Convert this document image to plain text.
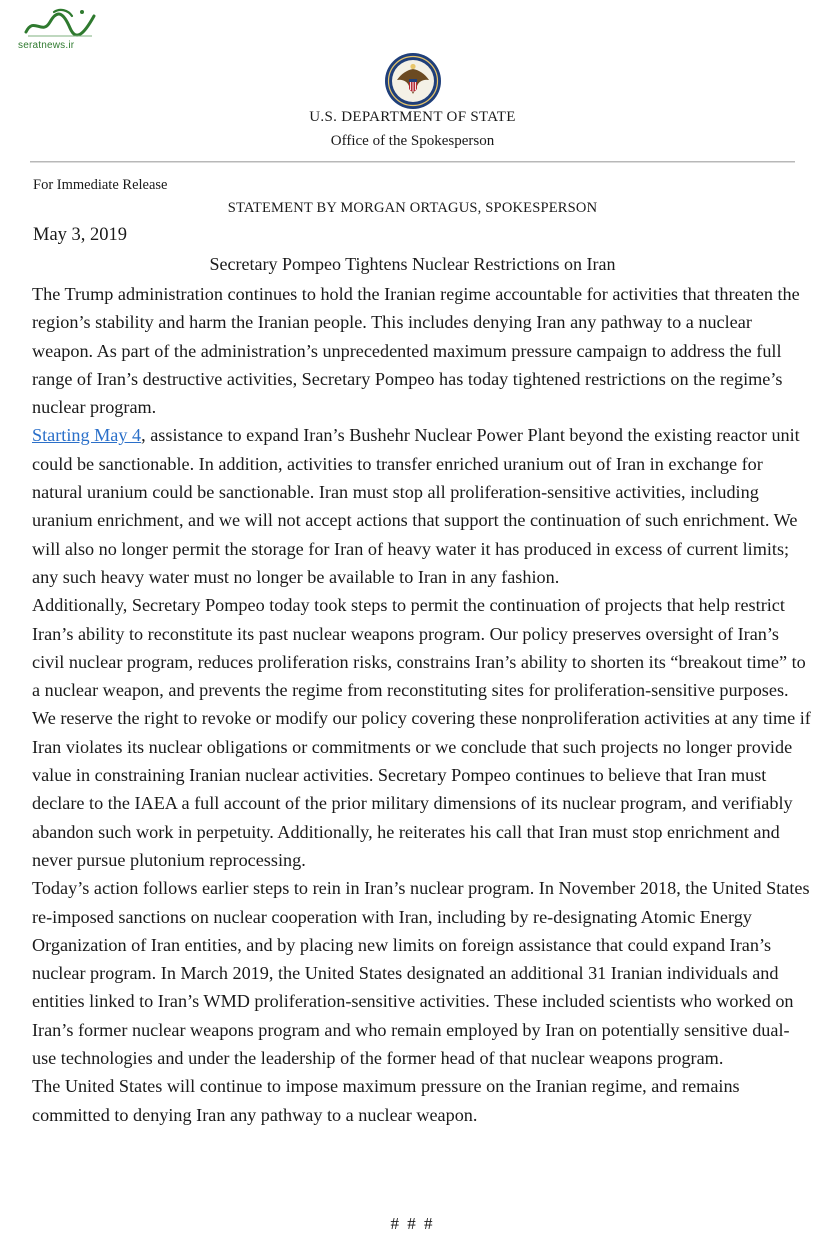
seratnews.ir
U.S. DEPARTMENT OF STATE
Office of the Spokesperson
For Immediate Release
STATEMENT BY MORGAN ORTAGUS, SPOKESPERSON
May 3, 2019
Secretary Pompeo Tightens Nuclear Restrictions on Iran

The Trump administration continues to hold the Iranian regime accountable for activities that threaten the region’s stability and harm the Iranian people. This includes denying Iran any pathway to a nuclear weapon. As part of the administration’s unprecedented maximum pressure campaign to address the full range of Iran’s destructive activities, Secretary Pompeo has today tightened restrictions on the regime’s nuclear program.

Starting May 4, assistance to expand Iran’s Bushehr Nuclear Power Plant beyond the existing reactor unit could be sanctionable. In addition, activities to transfer enriched uranium out of Iran in exchange for natural uranium could be sanctionable. Iran must stop all proliferation-sensitive activities, including uranium enrichment, and we will not accept actions that support the continuation of such enrichment. We will also no longer permit the storage for Iran of heavy water it has produced in excess of current limits; any such heavy water must no longer be available to Iran in any fashion.

Additionally, Secretary Pompeo today took steps to permit the continuation of projects that help restrict Iran’s ability to reconstitute its past nuclear weapons program. Our policy preserves oversight of Iran’s civil nuclear program, reduces proliferation risks, constrains Iran’s ability to shorten its “breakout time” to a nuclear weapon, and prevents the regime from reconstituting sites for proliferation-sensitive purposes. We reserve the right to revoke or modify our policy covering these nonproliferation activities at any time if Iran violates its nuclear obligations or commitments or we conclude that such projects no longer provide value in constraining Iranian nuclear activities. Secretary Pompeo continues to believe that Iran must declare to the IAEA a full account of the prior military dimensions of its nuclear program, and verifiably abandon such work in perpetuity. Additionally, he reiterates his call that Iran must stop enrichment and never pursue plutonium reprocessing.

Today’s action follows earlier steps to rein in Iran’s nuclear program. In November 2018, the United States re-imposed sanctions on nuclear cooperation with Iran, including by re-designating Atomic Energy Organization of Iran entities, and by placing new limits on foreign assistance that could expand Iran’s nuclear program. In March 2019, the United States designated an additional 31 Iranian individuals and entities linked to Iran’s WMD proliferation-sensitive activities. These included scientists who worked on Iran’s former nuclear weapons program and who remain employed by Iran on potentially sensitive dual-use technologies and under the leadership of the former head of that nuclear weapons program.

The United States will continue to impose maximum pressure on the Iranian regime, and remains committed to denying Iran any pathway to a nuclear weapon.

# # #
